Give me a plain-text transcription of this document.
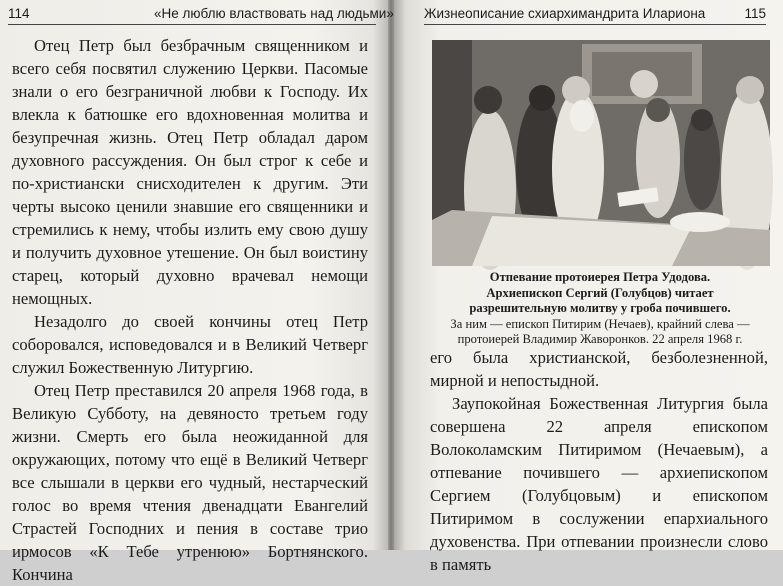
114	«Не люблю властвовать над людьми»

Отец Петр был безбрачным священником и всего себя посвятил служению Церкви. Пасомые знали о его безграничной любви к Господу. Их влекла к батюшке его вдохновенная молитва и безупречная жизнь. Отец Петр обладал даром духовного рассуждения. Он был строг к себе и по-христиански снисходителен к другим. Эти черты высоко ценили знавшие его священники и стремились к нему, чтобы излить ему свою душу и получить духовное утешение. Он был воистину старец, который духовно врачевал немощи немощных.

Незадолго до своей кончины отец Петр соборовался, исповедовался и в Великий Четверг служил Божественную Литургию.

Отец Петр преставился 20 апреля 1968 года, в Великую Субботу, на девяносто третьем году жизни. Смерть его была неожиданной для окружающих, потому что ещё в Великий Четверг все слышали в церкви его чудный, нестарческий голос во время чтения двенадцати Евангелий Страстей Господних и пения в составе трио ирмосов «К Тебе утренюю» Бортнянского. Кончина

Жизнеописание схиархимандрита Илариона	115
Отпевание протоиерея Петра Удодова.
Архиепископ Сергий (Голубцов) читает
разрешительную молитву у гроба почившего.
За ним — епископ Питирим (Нечаев), крайний слева —
протоиерей Владимир Жаворонков. 22 апреля 1968 г.

его была христианской, безболезненной, мирной и непостыдной.

Заупокойная Божественная Литургия была совершена 22 апреля епископом Волоколамским Питиримом (Нечаевым), а отпевание почившего — архиепископом Сергием (Голубцовым) и епископом Питиримом в сослужении епархиального духовенства. При отпевании произнесли слово в память
